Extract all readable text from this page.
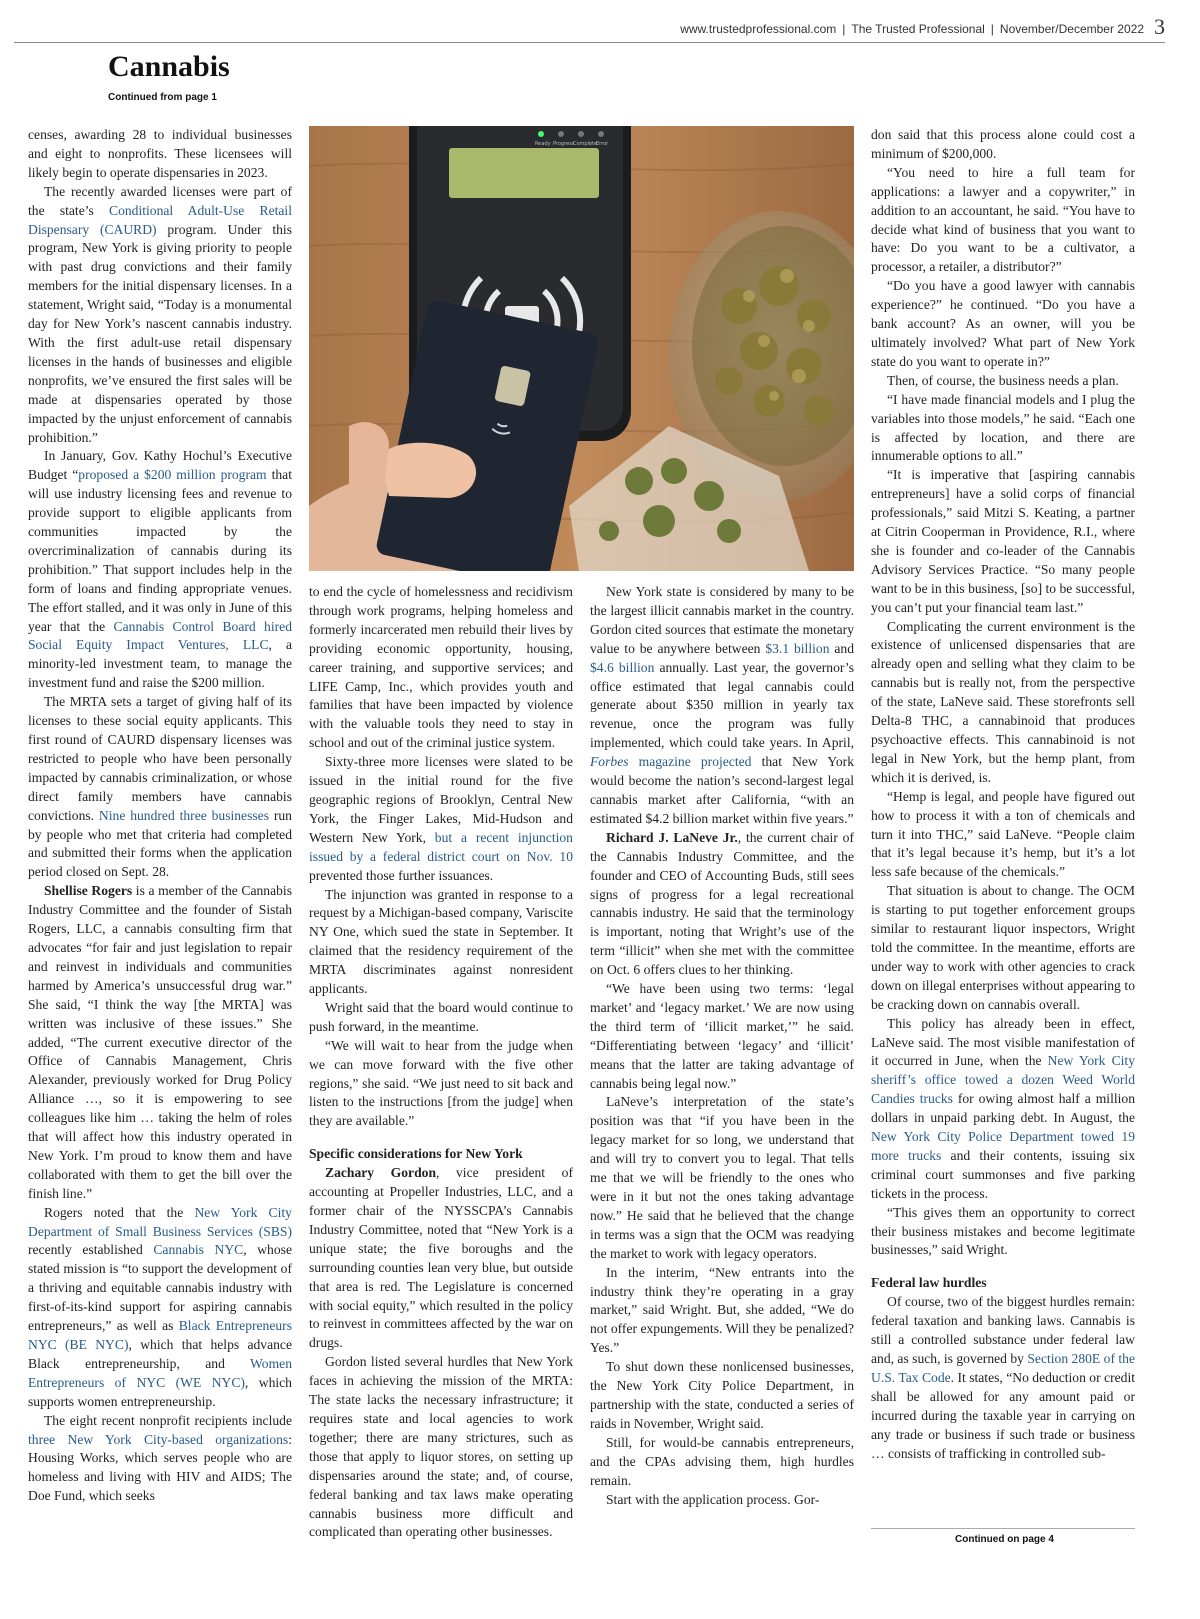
www.trustedprofessional.com | The Trusted Professional | November/December 2022 3
Cannabis
Continued from page 1

censes, awarding 28 to individual businesses and eight to nonprofits. These licensees will likely begin to operate dispensaries in 2023.

The recently awarded licenses were part of the state’s Conditional Adult-Use Retail Dispensary (CAURD) program. Under this program, New York is giving priority to people with past drug convictions and their family members for the initial dispensary licenses. In a statement, Wright said, “Today is a monumental day for New York’s nascent cannabis industry. With the first adult-use retail dispensary licenses in the hands of businesses and eligible nonprofits, we’ve ensured the first sales will be made at dispensaries operated by those impacted by the unjust enforcement of cannabis prohibition.”

In January, Gov. Kathy Hochul’s Executive Budget “proposed a $200 million program that will use industry licensing fees and revenue to provide support to eligible applicants from communities impacted by the overcriminalization of cannabis during its prohibition.” That support includes help in the form of loans and finding appropriate venues. The effort stalled, and it was only in June of this year that the Cannabis Control Board hired Social Equity Impact Ventures, LLC, a minority-led investment team, to manage the investment fund and raise the $200 million.

The MRTA sets a target of giving half of its licenses to these social equity applicants. This first round of CAURD dispensary licenses was restricted to people who have been personally impacted by cannabis criminalization, or whose direct family members have cannabis convictions. Nine hundred three businesses run by people who met that criteria had completed and submitted their forms when the application period closed on Sept. 28.

Shellise Rogers is a member of the Cannabis Industry Committee and the founder of Sistah Rogers, LLC, a cannabis consulting firm that advocates “for fair and just legislation to repair and reinvest in individuals and communities harmed by America’s unsuccessful drug war.” She said, “I think the way [the MRTA] was written was inclusive of these issues.” She added, “The current executive director of the Office of Cannabis Management, Chris Alexander, previously worked for Drug Policy Alliance …, so it is empowering to see colleagues like him … taking the helm of roles that will affect how this industry operated in New York. I’m proud to know them and have collaborated with them to get the bill over the finish line.”

Rogers noted that the New York City Department of Small Business Services (SBS) recently established Cannabis NYC, whose stated mission is “to support the development of a thriving and equitable cannabis industry with first-of-its-kind support for aspiring cannabis entrepreneurs,” as well as Black Entrepreneurs NYC (BE NYC), which that helps advance Black entrepreneurship, and Women Entrepreneurs of NYC (WE NYC), which supports women entrepreneurship.

The eight recent nonprofit recipients include three New York City-based organizations: Housing Works, which serves people who are homeless and living with HIV and AIDS; The Doe Fund, which seeks

Ready Progress
Complete
Error

to end the cycle of homelessness and recidivism through work programs, helping homeless and formerly incarcerated men rebuild their lives by providing economic opportunity, housing, career training, and supportive services; and LIFE Camp, Inc., which provides youth and families that have been impacted by violence with the valuable tools they need to stay in school and out of the criminal justice system.

Sixty-three more licenses were slated to be issued in the initial round for the five geographic regions of Brooklyn, Central New York, the Finger Lakes, Mid-Hudson and Western New York, but a recent injunction issued by a federal district court on Nov. 10 prevented those further issuances.

The injunction was granted in response to a request by a Michigan-based company, Variscite NY One, which sued the state in September. It claimed that the residency requirement of the MRTA discriminates against nonresident applicants.

Wright said that the board would continue to push forward, in the meantime.

“We will wait to hear from the judge when we can move forward with the five other regions,” she said. “We just need to sit back and listen to the instructions [from the judge] when they are available.”

Specific considerations for New York

Zachary Gordon, vice president of accounting at Propeller Industries, LLC, and a former chair of the NYSSCPA’s Cannabis Industry Committee, noted that “New York is a unique state; the five boroughs and the surrounding counties lean very blue, but outside that area is red. The Legislature is concerned with social equity,” which resulted in the policy to reinvest in committees affected by the war on drugs.

Gordon listed several hurdles that New York faces in achieving the mission of the MRTA: The state lacks the necessary infrastructure; it requires state and local agencies to work together; there are many strictures, such as those that apply to liquor stores, on setting up dispensaries around the state; and, of course, federal banking and tax laws make operating cannabis business more difficult and complicated than operating other businesses.

New York state is considered by many to be the largest illicit cannabis market in the country. Gordon cited sources that estimate the monetary value to be anywhere between $3.1 billion and $4.6 billion annually. Last year, the governor’s office estimated that legal cannabis could generate about $350 million in yearly tax revenue, once the program was fully implemented, which could take years. In April, Forbes magazine projected that New York would become the nation’s second-largest legal cannabis market after California, “with an estimated $4.2 billion market within five years.”

Richard J. LaNeve Jr., the current chair of the Cannabis Industry Committee, and the founder and CEO of Accounting Buds, still sees signs of progress for a legal recreational cannabis industry. He said that the terminology is important, noting that Wright’s use of the term “illicit” when she met with the committee on Oct. 6 offers clues to her thinking.

“We have been using two terms: ‘legal market’ and ‘legacy market.’ We are now using the third term of ‘illicit market,’” he said. “Differentiating between ‘legacy’ and ‘illicit’ means that the latter are taking advantage of cannabis being legal now.”

LaNeve’s interpretation of the state’s position was that “if you have been in the legacy market for so long, we understand that and will try to convert you to legal. That tells me that we will be friendly to the ones who were in it but not the ones taking advantage now.” He said that he believed that the change in terms was a sign that the OCM was readying the market to work with legacy operators.

In the interim, “New entrants into the industry think they’re operating in a gray market,” said Wright. But, she added, “We do not offer expungements. Will they be penalized? Yes.”

To shut down these nonlicensed businesses, the New York City Police Department, in partnership with the state, conducted a series of raids in November, Wright said.

Still, for would-be cannabis entrepreneurs, and the CPAs advising them, high hurdles remain.

Start with the application process. Gor-

don said that this process alone could cost a minimum of $200,000.

“You need to hire a full team for applications: a lawyer and a copywriter,” in addition to an accountant, he said. “You have to decide what kind of business that you want to have: Do you want to be a cultivator, a processor, a retailer, a distributor?”

“Do you have a good lawyer with cannabis experience?” he continued. “Do you have a bank account? As an owner, will you be ultimately involved? What part of New York state do you want to operate in?”

Then, of course, the business needs a plan.

“I have made financial models and I plug the variables into those models,” he said. “Each one is affected by location, and there are innumerable options to all.”

“It is imperative that [aspiring cannabis entrepreneurs] have a solid corps of financial professionals,” said Mitzi S. Keating, a partner at Citrin Cooperman in Providence, R.I., where she is founder and co-leader of the Cannabis Advisory Services Practice. “So many people want to be in this business, [so] to be successful, you can’t put your financial team last.”

Complicating the current environment is the existence of unlicensed dispensaries that are already open and selling what they claim to be cannabis but is really not, from the perspective of the state, LaNeve said. These storefronts sell Delta-8 THC, a cannabinoid that produces psychoactive effects. This cannabinoid is not legal in New York, but the hemp plant, from which it is derived, is.

“Hemp is legal, and people have figured out how to process it with a ton of chemicals and turn it into THC,” said LaNeve. “People claim that it’s legal because it’s hemp, but it’s a lot less safe because of the chemicals.”

That situation is about to change. The OCM is starting to put together enforcement groups similar to restaurant liquor inspectors, Wright told the committee. In the meantime, efforts are under way to work with other agencies to crack down on illegal enterprises without appearing to be cracking down on cannabis overall.

This policy has already been in effect, LaNeve said. The most visible manifestation of it occurred in June, when the New York City sheriff’s office towed a dozen Weed World Candies trucks for owing almost half a million dollars in unpaid parking debt. In August, the New York City Police Department towed 19 more trucks and their contents, issuing six criminal court summonses and five parking tickets in the process.

“This gives them an opportunity to correct their business mistakes and become legitimate businesses,” said Wright.

Federal law hurdles

Of course, two of the biggest hurdles remain: federal taxation and banking laws. Cannabis is still a controlled substance under federal law and, as such, is governed by Section 280E of the U.S. Tax Code. It states, “No deduction or credit shall be allowed for any amount paid or incurred during the taxable year in carrying on any trade or business if such trade or business … consists of trafficking in controlled sub-

Continued on page 4
